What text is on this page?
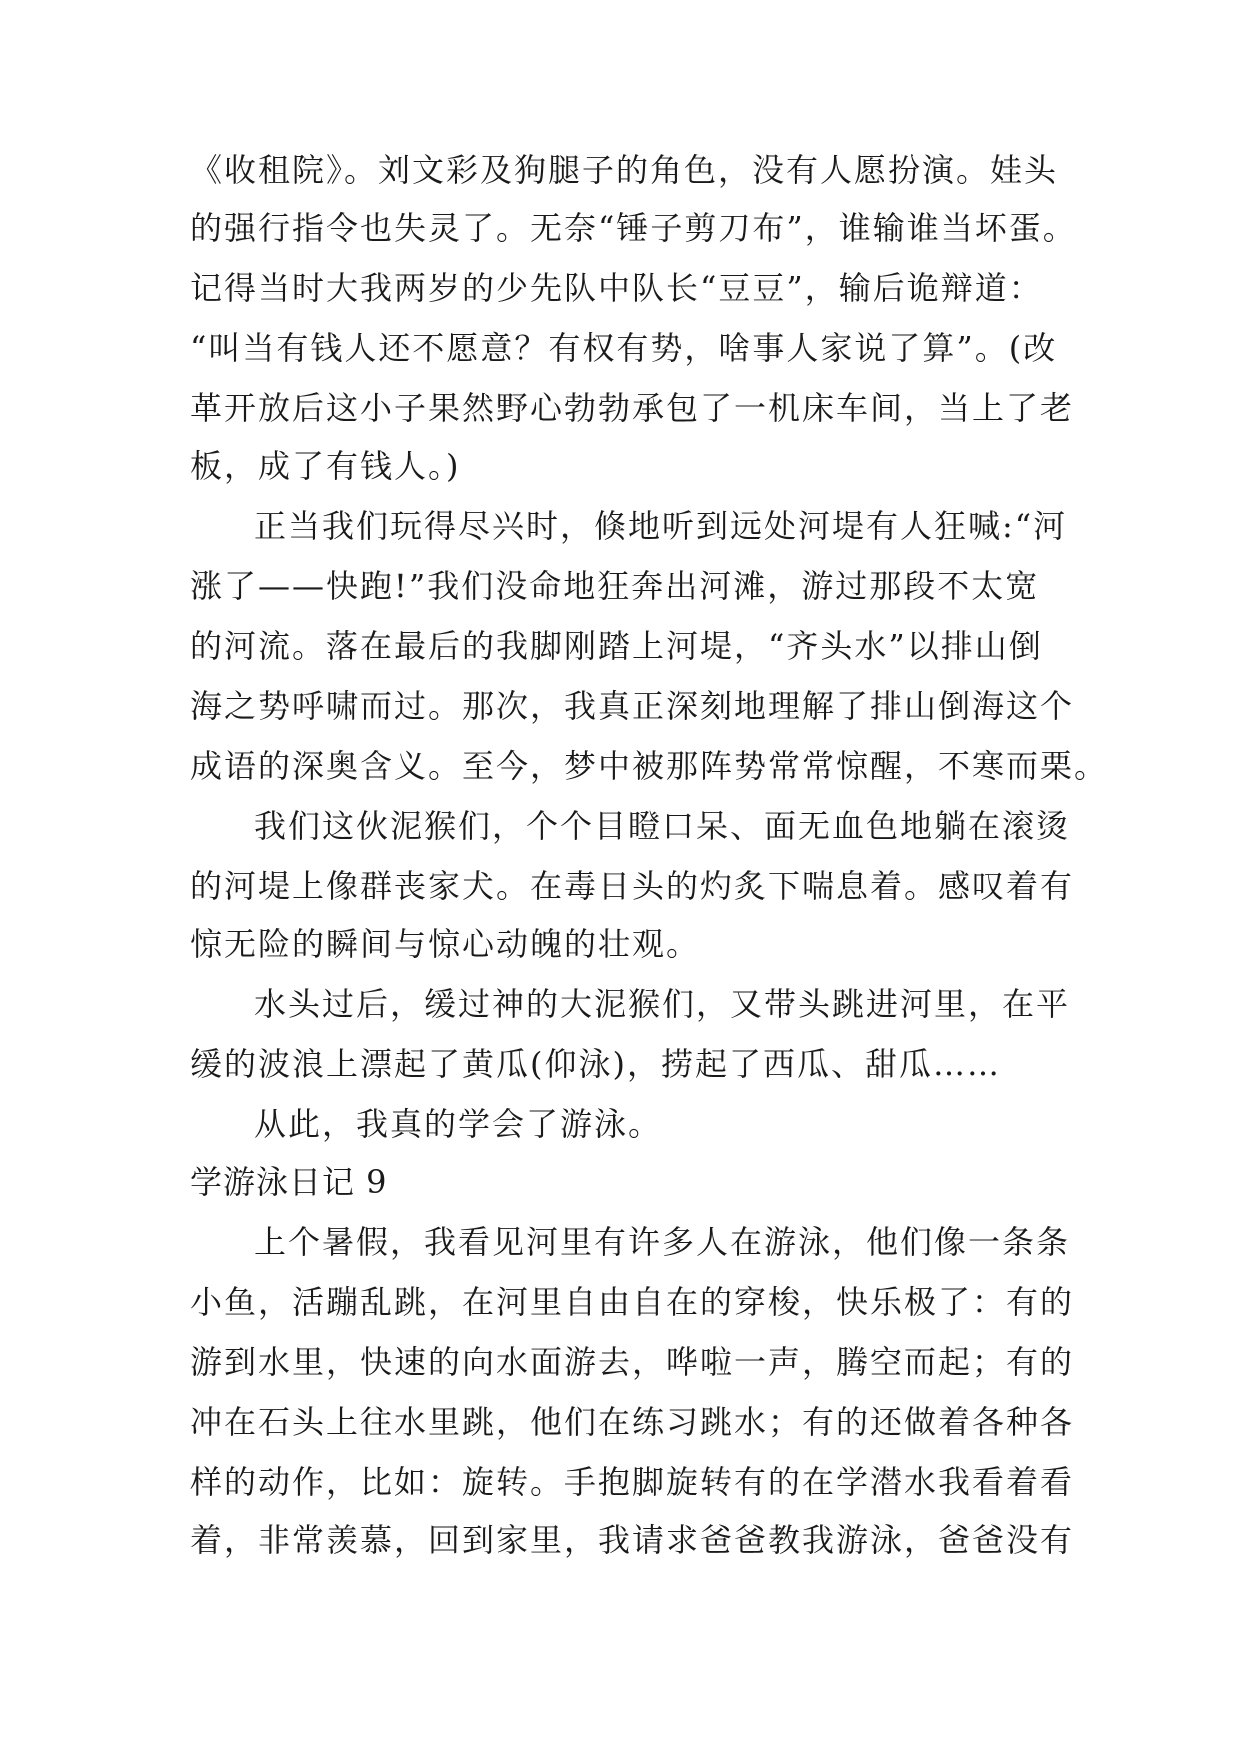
《收租院》。刘文彩及狗腿子的角色，没有人愿扮演。娃头
的强行指令也失灵了。无奈“锤子剪刀布”，谁输谁当坏蛋。
记得当时大我两岁的少先队中队长“豆豆”，输后诡辩道：
“叫当有钱人还不愿意？有权有势，啥事人家说了算”。(改
革开放后这小子果然野心勃勃承包了一机床车间，当上了老
板，成了有钱人。)
正当我们玩得尽兴时，倏地听到远处河堤有人狂喊:“河
涨了——快跑!”我们没命地狂奔出河滩，游过那段不太宽
的河流。落在最后的我脚刚踏上河堤，“齐头水”以排山倒
海之势呼啸而过。那次，我真正深刻地理解了排山倒海这个
成语的深奥含义。至今，梦中被那阵势常常惊醒，不寒而栗。
我们这伙泥猴们，个个目瞪口呆、面无血色地躺在滚烫
的河堤上像群丧家犬。在毒日头的灼炙下喘息着。感叹着有
惊无险的瞬间与惊心动魄的壮观。
水头过后，缓过神的大泥猴们，又带头跳进河里，在平
缓的波浪上漂起了黄瓜(仰泳)，捞起了西瓜、甜瓜……
从此，我真的学会了游泳。
学游泳日记 9
上个暑假，我看见河里有许多人在游泳，他们像一条条
小鱼，活蹦乱跳，在河里自由自在的穿梭，快乐极了：有的
游到水里，快速的向水面游去，哗啦一声，腾空而起；有的
冲在石头上往水里跳，他们在练习跳水；有的还做着各种各
样的动作，比如：旋转。手抱脚旋转有的在学潜水我看着看
着，非常羡慕，回到家里，我请求爸爸教我游泳，爸爸没有
